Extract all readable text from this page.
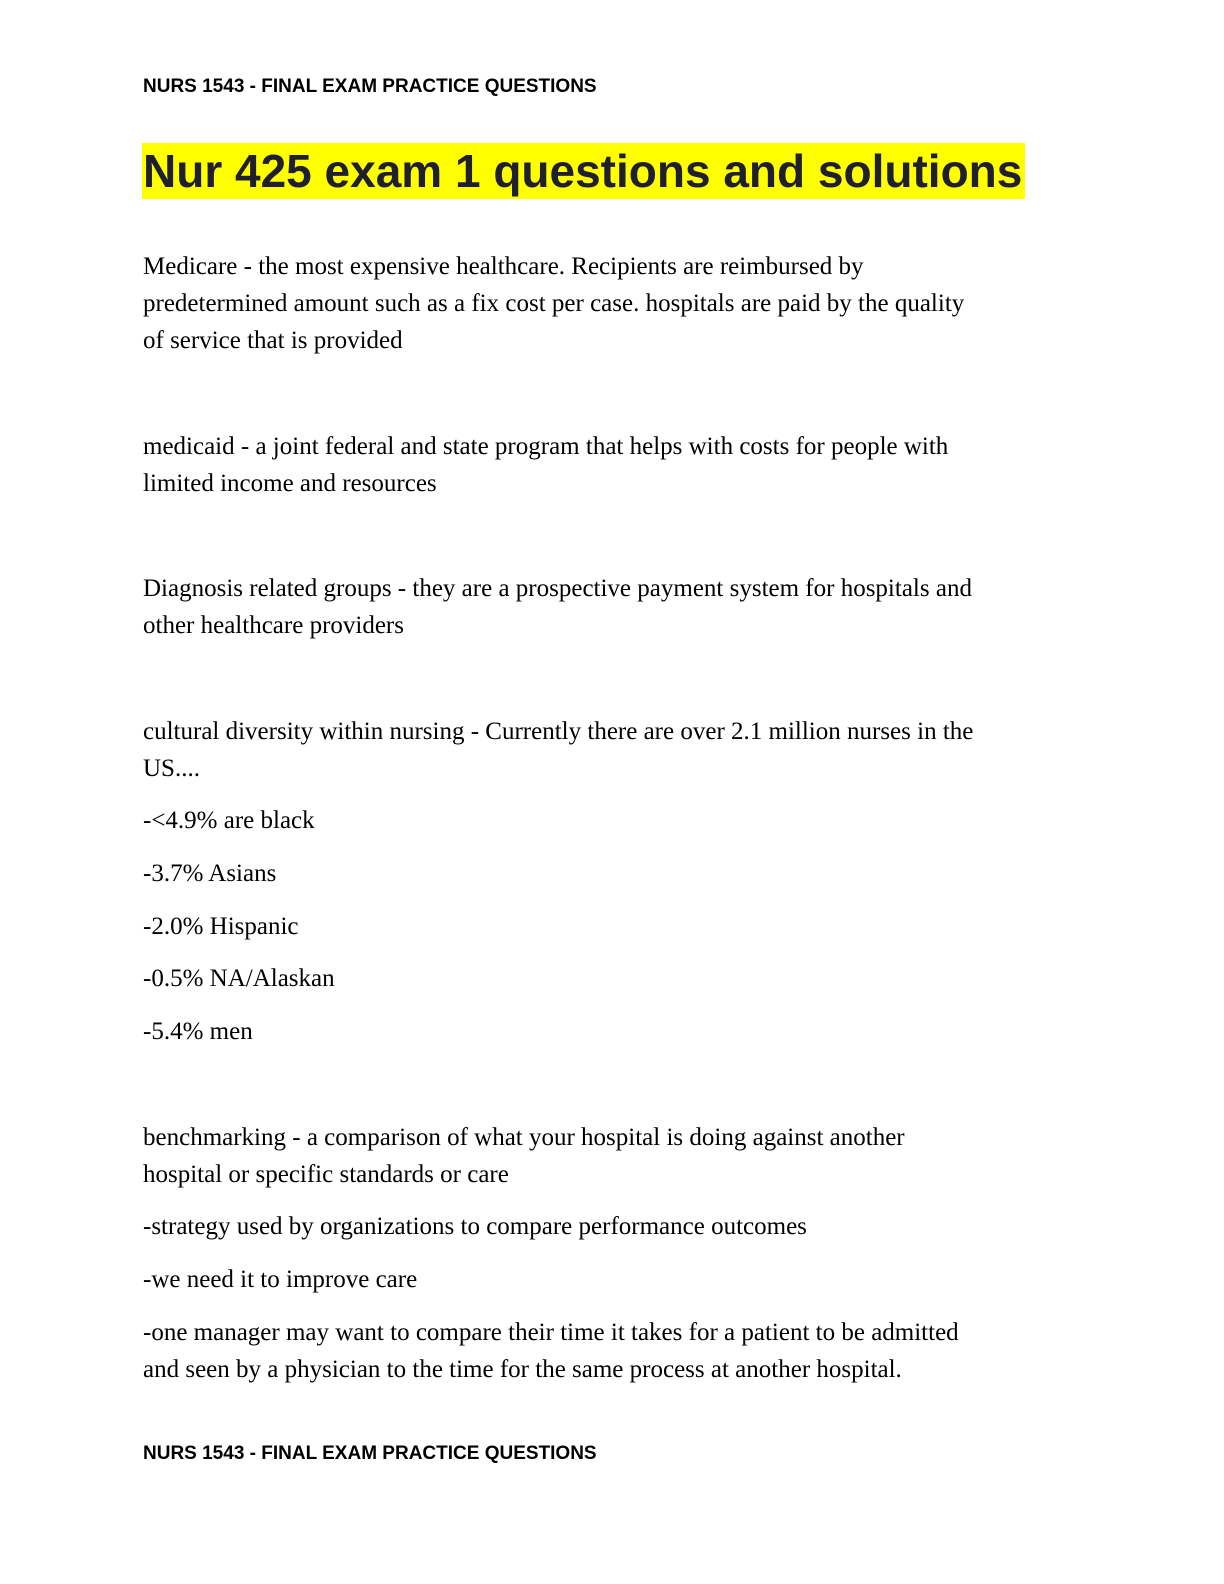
NURS 1543 - FINAL EXAM PRACTICE QUESTIONS
Nur 425 exam 1 questions and solutions

Medicare - the most expensive healthcare. Recipients are reimbursed by
predetermined amount such as a fix cost per case. hospitals are paid by the quality
of service that is provided

medicaid - a joint federal and state program that helps with costs for people with
limited income and resources

Diagnosis related groups - they are a prospective payment system for hospitals and
other healthcare providers

cultural diversity within nursing - Currently there are over 2.1 million nurses in the
US....

-<4.9% are black

-3.7% Asians

-2.0% Hispanic

-0.5% NA/Alaskan

-5.4% men

benchmarking - a comparison of what your hospital is doing against another
hospital or specific standards or care

-strategy used by organizations to compare performance outcomes

-we need it to improve care

-one manager may want to compare their time it takes for a patient to be admitted
and seen by a physician to the time for the same process at another hospital.

NURS 1543 - FINAL EXAM PRACTICE QUESTIONS
